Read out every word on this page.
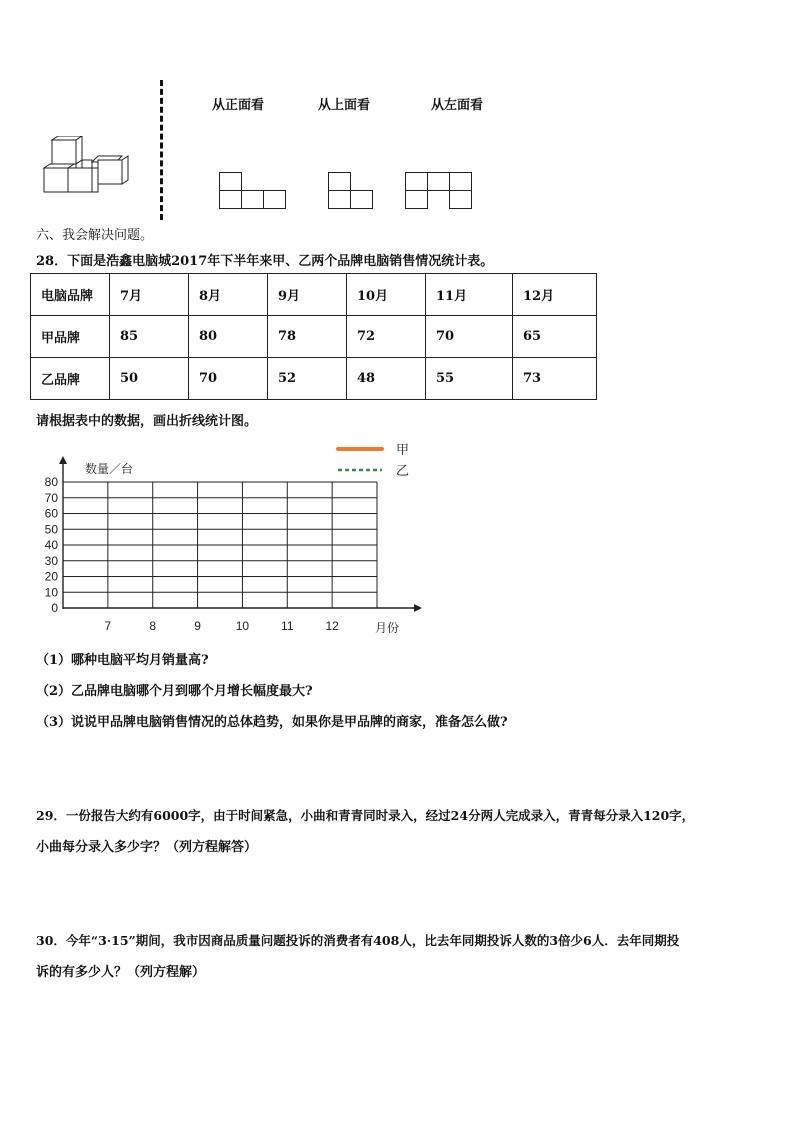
从正面看	从上面看	从左面看
六、我会解决问题。
28．下面是浩鑫电脑城2017年下半年来甲、乙两个品牌电脑销售情况统计表。
电脑品牌	7月	8月	9月	10月	11月	12月
甲品牌	85	80	78	72	70	65
乙品牌	50	70	52	48	55	73
请根据表中的数据，画出折线统计图。
甲
乙
0
10
20
30
40
50
60
70
80
7	8	9	10	11	12
数量／台
月份
（1）哪种电脑平均月销量高?
（2）乙品牌电脑哪个月到哪个月增长幅度最大?
（3）说说甲品牌电脑销售情况的总体趋势，如果你是甲品牌的商家，准备怎么做?
29．一份报告大约有6000字，由于时间紧急，小曲和青青同时录入，经过24分两人完成录入，青青每分录入120字，
小曲每分录入多少字？（列方程解答）
30．今年“3·15”期间，我市因商品质量问题投诉的消费者有408人，比去年同期投诉人数的3倍少6人．去年同期投
诉的有多少人？（列方程解）
